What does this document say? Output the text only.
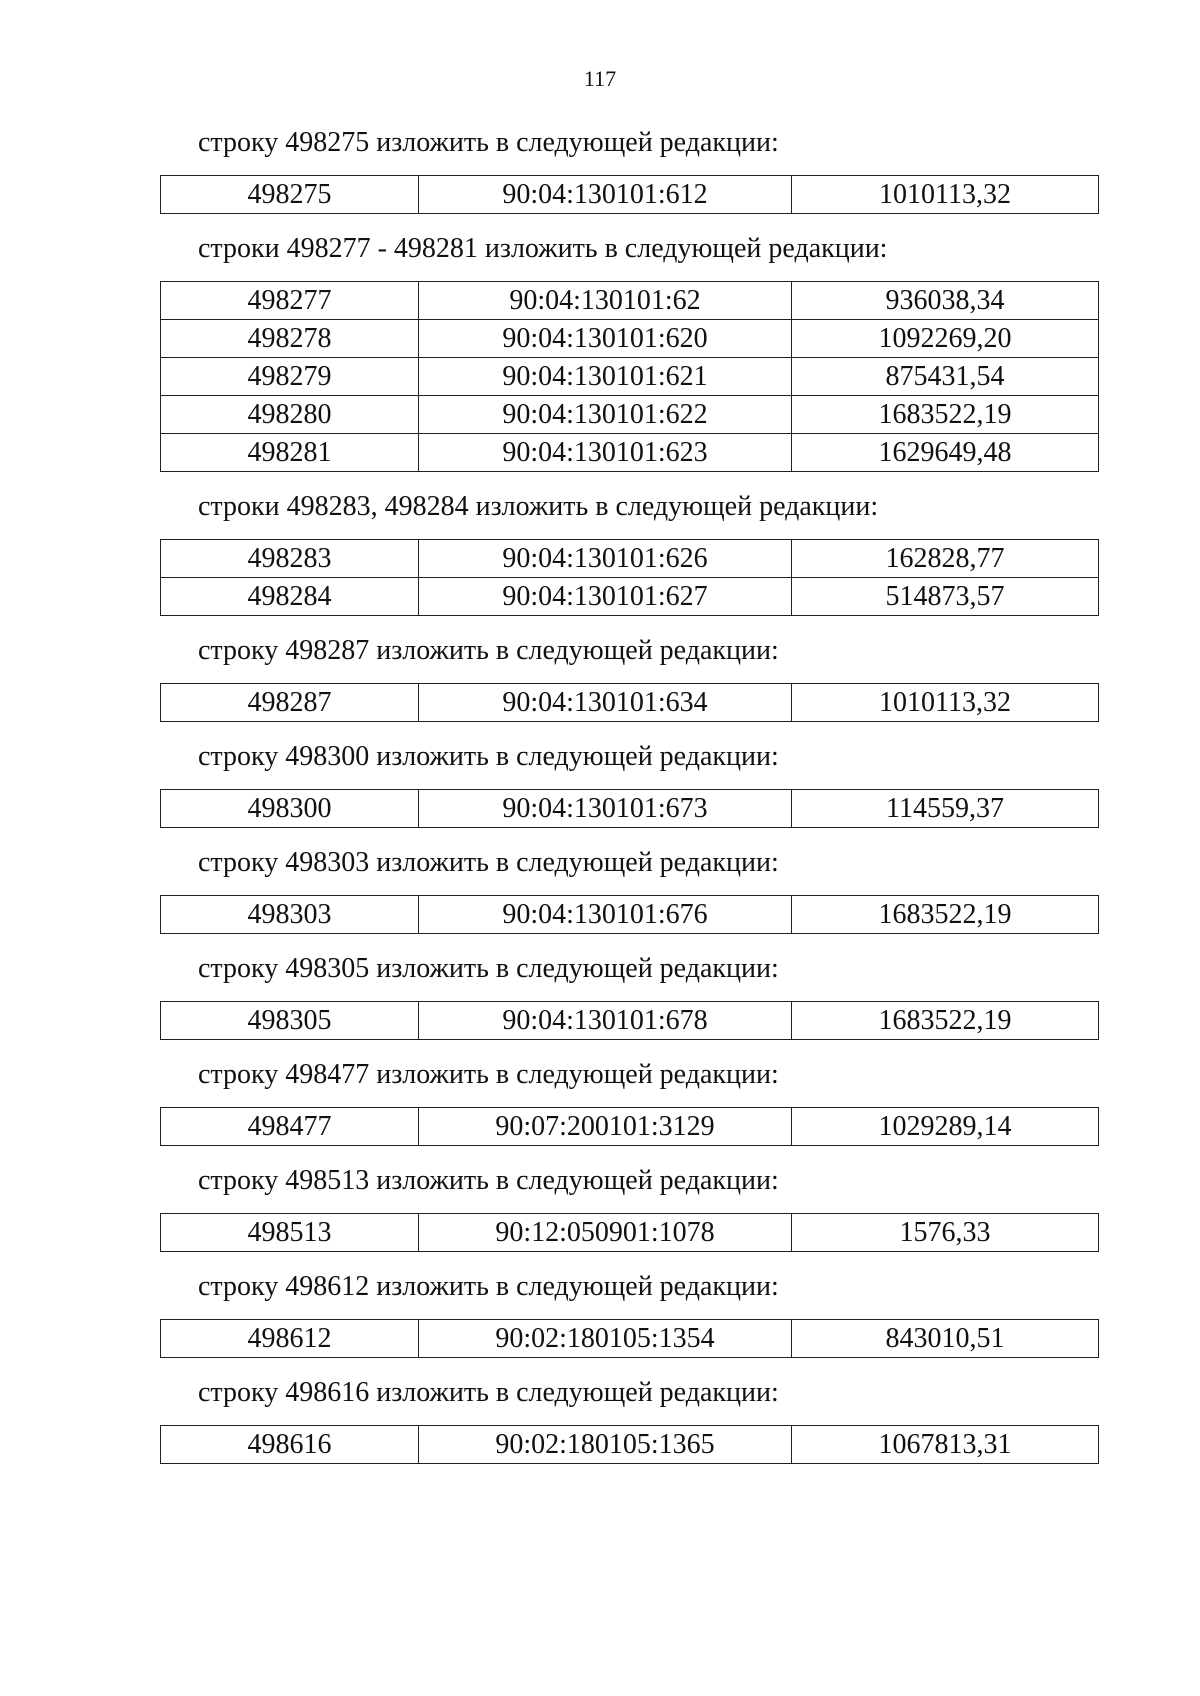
117
строку 498275 изложить в следующей редакции:
498275	90:04:130101:612	1010113,32
строки 498277 - 498281 изложить в следующей редакции:
498277	90:04:130101:62	936038,34
498278	90:04:130101:620	1092269,20
498279	90:04:130101:621	875431,54
498280	90:04:130101:622	1683522,19
498281	90:04:130101:623	1629649,48
строки 498283, 498284 изложить в следующей редакции:
498283	90:04:130101:626	162828,77
498284	90:04:130101:627	514873,57
строку 498287 изложить в следующей редакции:
498287	90:04:130101:634	1010113,32
строку 498300 изложить в следующей редакции:
498300	90:04:130101:673	114559,37
строку 498303 изложить в следующей редакции:
498303	90:04:130101:676	1683522,19
строку 498305 изложить в следующей редакции:
498305	90:04:130101:678	1683522,19
строку 498477 изложить в следующей редакции:
498477	90:07:200101:3129	1029289,14
строку 498513 изложить в следующей редакции:
498513	90:12:050901:1078	1576,33
строку 498612 изложить в следующей редакции:
498612	90:02:180105:1354	843010,51
строку 498616 изложить в следующей редакции:
498616	90:02:180105:1365	1067813,31
